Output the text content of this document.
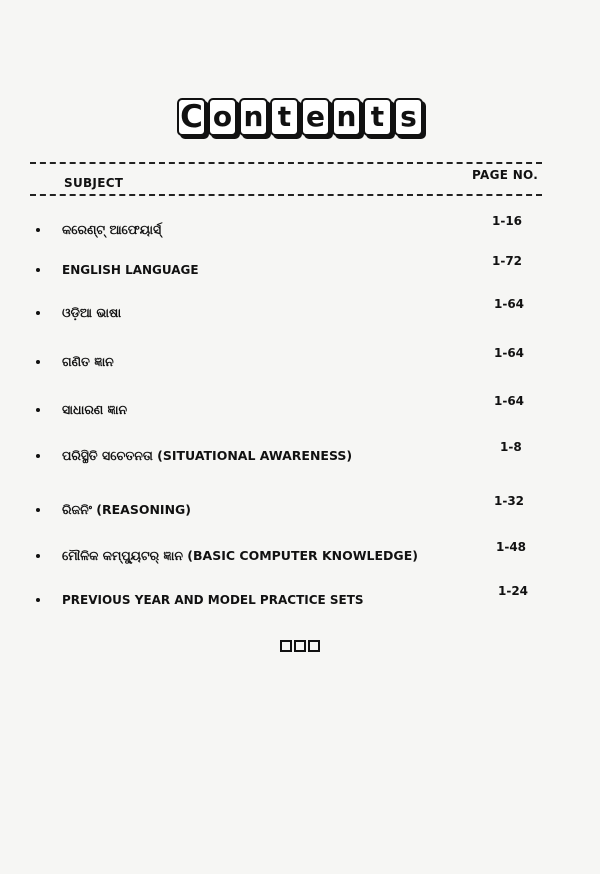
C o n t e n t s
SUBJECT
PAGE NO.
କରେଣ୍ଟ୍ ଆଫେୟାର୍ସ୍
1-16
ENGLISH LANGUAGE
1-72
ଓଡ଼ିଆ ଭାଷା
1-64
ଗଣିତ ଜ୍ଞାନ
1-64
ସାଧାରଣ ଜ୍ଞାନ
1-64
ପରିସ୍ଥିତି ସଚେତନତା (SITUATIONAL AWARENESS)
1-8
ରିଜନିଂ (REASONING)
1-32
ମୌଳିକ କମ୍ପ୍ୟୁଟର୍ ଜ୍ଞାନ (BASIC COMPUTER KNOWLEDGE)
1-48
PREVIOUS YEAR AND MODEL PRACTICE SETS
1-24
